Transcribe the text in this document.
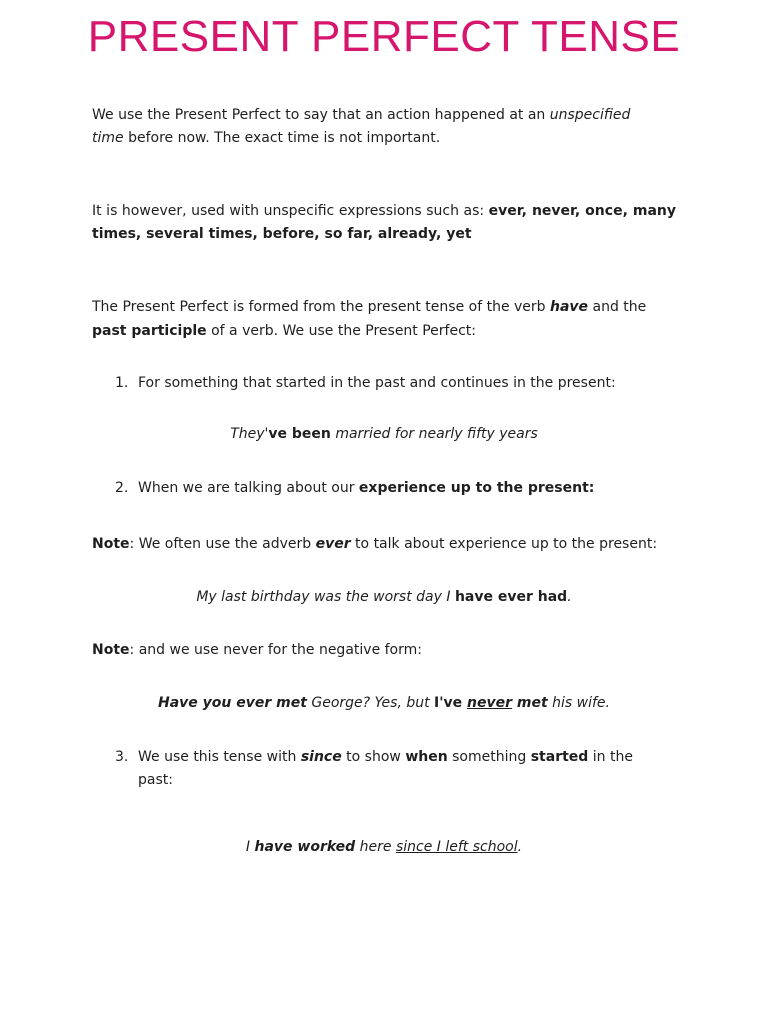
PRESENT PERFECT TENSE

We use the Present Perfect to say that an action happened at an unspecified

time before now. The exact time is not important.

It is however, used with unspecific expressions such as: ever, never, once, many times, several times, before, so far, already, yet

The Present Perfect is formed from the present tense of the verb have and the

past participle of a verb. We use the Present Perfect:

1. For something that started in the past and continues in the present:

They've been married for nearly fifty years

2. When we are talking about our experience up to the present:

Note: We often use the adverb ever to talk about experience up to the present:

My last birthday was the worst day I have ever had.

Note: and we use never for the negative form:

Have you ever met George? Yes, but I've never met his wife.

3. We use this tense with since to show when something started in the
past:

I have worked here since I left school.
